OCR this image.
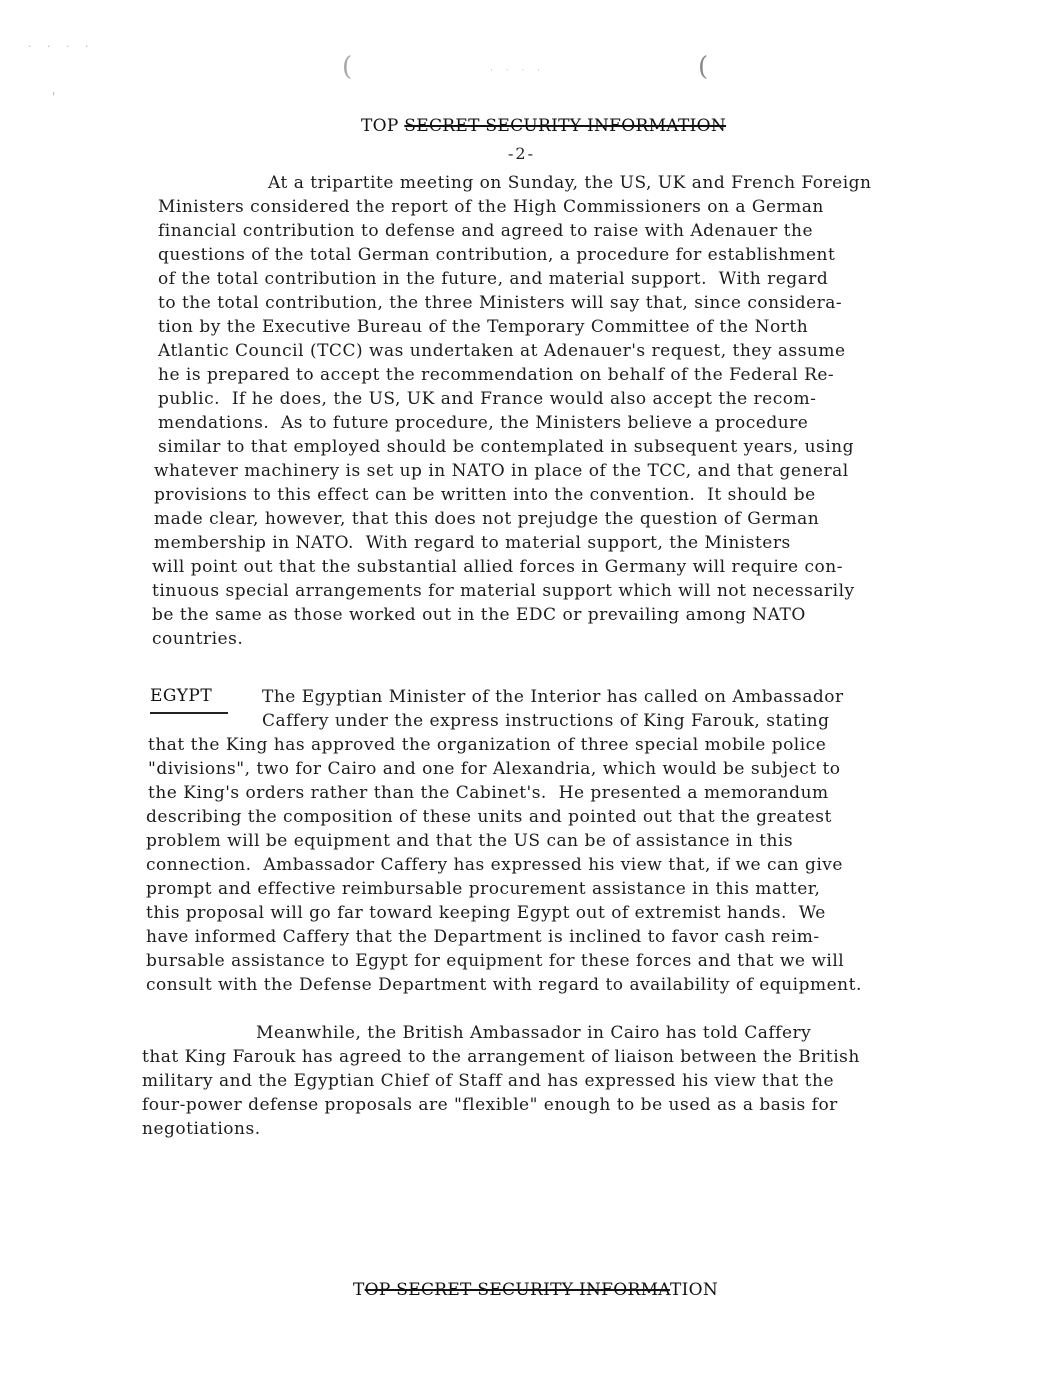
· · · ·
(	(
· · · ·
'
TOP SECRET SECURITY INFORMATION
-2-
At a tripartite meeting on Sunday, the US, UK and French Foreign
Ministers considered the report of the High Commissioners on a German
financial contribution to defense and agreed to raise with Adenauer the
questions of the total German contribution, a procedure for establishment
of the total contribution in the future, and material support.  With regard
to the total contribution, the three Ministers will say that, since considera-
tion by the Executive Bureau of the Temporary Committee of the North
Atlantic Council (TCC) was undertaken at Adenauer's request, they assume
he is prepared to accept the recommendation on behalf of the Federal Re-
public.  If he does, the US, UK and France would also accept the recom-
mendations.  As to future procedure, the Ministers believe a procedure
similar to that employed should be contemplated in subsequent years, using
whatever machinery is set up in NATO in place of the TCC, and that general
provisions to this effect can be written into the convention.  It should be
made clear, however, that this does not prejudge the question of German
membership in NATO.  With regard to material support, the Ministers
will point out that the substantial allied forces in Germany will require con-
tinuous special arrangements for material support which will not necessarily
be the same as those worked out in the EDC or prevailing among NATO
countries.
EGYPT	The Egyptian Minister of the Interior has called on Ambassador
Caffery under the express instructions of King Farouk, stating
that the King has approved the organization of three special mobile police
"divisions", two for Cairo and one for Alexandria, which would be subject to
the King's orders rather than the Cabinet's.  He presented a memorandum
describing the composition of these units and pointed out that the greatest
problem will be equipment and that the US can be of assistance in this
connection.  Ambassador Caffery has expressed his view that, if we can give
prompt and effective reimbursable procurement assistance in this matter,
this proposal will go far toward keeping Egypt out of extremist hands.  We
have informed Caffery that the Department is inclined to favor cash reim-
bursable assistance to Egypt for equipment for these forces and that we will
consult with the Defense Department with regard to availability of equipment.
Meanwhile, the British Ambassador in Cairo has told Caffery
that King Farouk has agreed to the arrangement of liaison between the British
military and the Egyptian Chief of Staff and has expressed his view that the
four-power defense proposals are "flexible" enough to be used as a basis for
negotiations.
TOP SECRET SECURITY INFORMATION
